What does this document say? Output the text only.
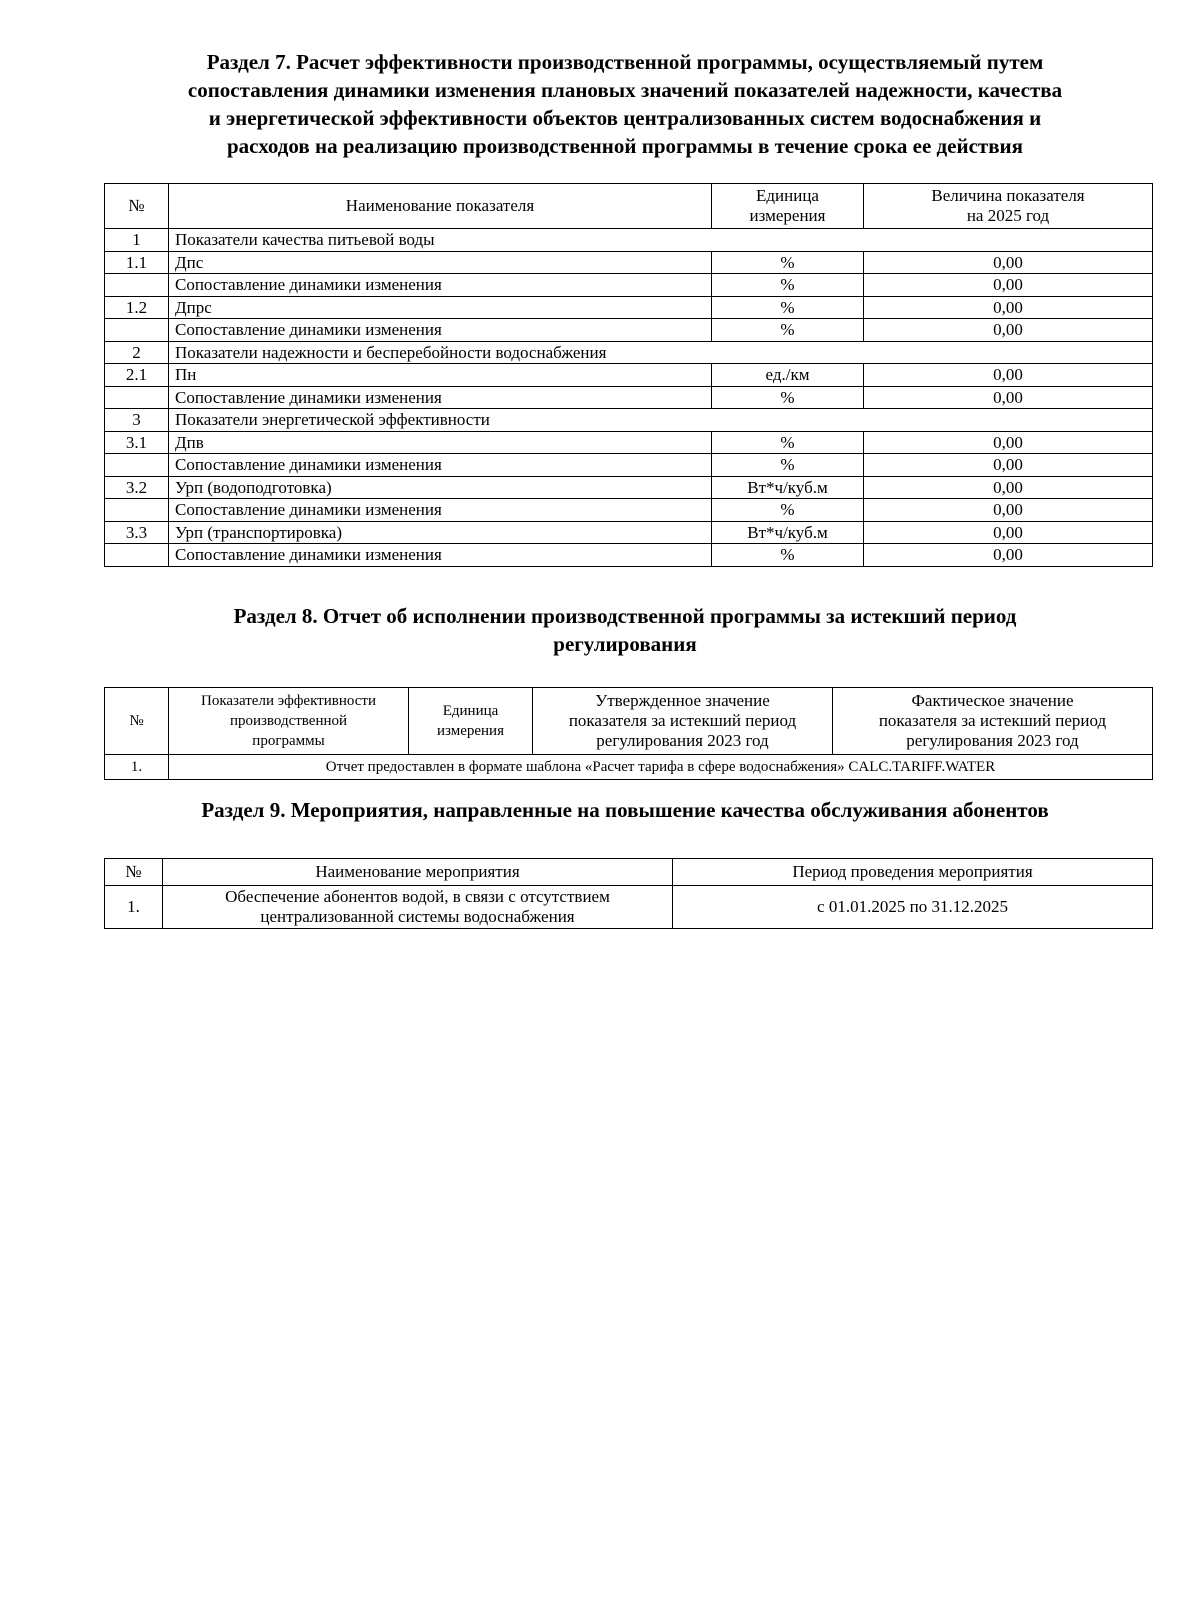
Раздел 7. Расчет эффективности производственной программы, осуществляемый путем
сопоставления динамики изменения плановых значений показателей надежности, качества
и энергетической эффективности объектов централизованных систем водоснабжения и
расходов на реализацию производственной программы в течение срока ее действия
№	Наименование показателя	Единица
измерения	Величина показателя
на 2025 год
1	Показатели качества питьевой воды		
1.1	Дпс	%	0,00
	Сопоставление динамики изменения	%	0,00
1.2	Дпрс	%	0,00
	Сопоставление динамики изменения	%	0,00
2	Показатели надежности и бесперебойности водоснабжения		
2.1	Пн	ед./км	0,00
	Сопоставление динамики изменения	%	0,00
3	Показатели энергетической эффективности		
3.1	Дпв	%	0,00
	Сопоставление динамики изменения	%	0,00
3.2	Урп (водоподготовка)	Вт*ч/куб.м	0,00
	Сопоставление динамики изменения	%	0,00
3.3	Урп (транспортировка)	Вт*ч/куб.м	0,00
	Сопоставление динамики изменения	%	0,00
Раздел 8. Отчет об исполнении производственной программы за истекший период
регулирования
№	Показатели эффективности
производственной
программы	Единица
измерения	Утвержденное значение
показателя за истекший период
регулирования 2023 год	Фактическое значение
показателя за истекший период
регулирования 2023 год
1.	Отчет предоставлен в формате шаблона «Расчет тарифа в сфере водоснабжения» CALC.TARIFF.WATER			
Раздел 9. Мероприятия, направленные на повышение качества обслуживания абонентов
№	Наименование мероприятия	Период проведения мероприятия
1.	Обеспечение абонентов водой, в связи с отсутствием
централизованной системы водоснабжения	с 01.01.2025 по 31.12.2025
